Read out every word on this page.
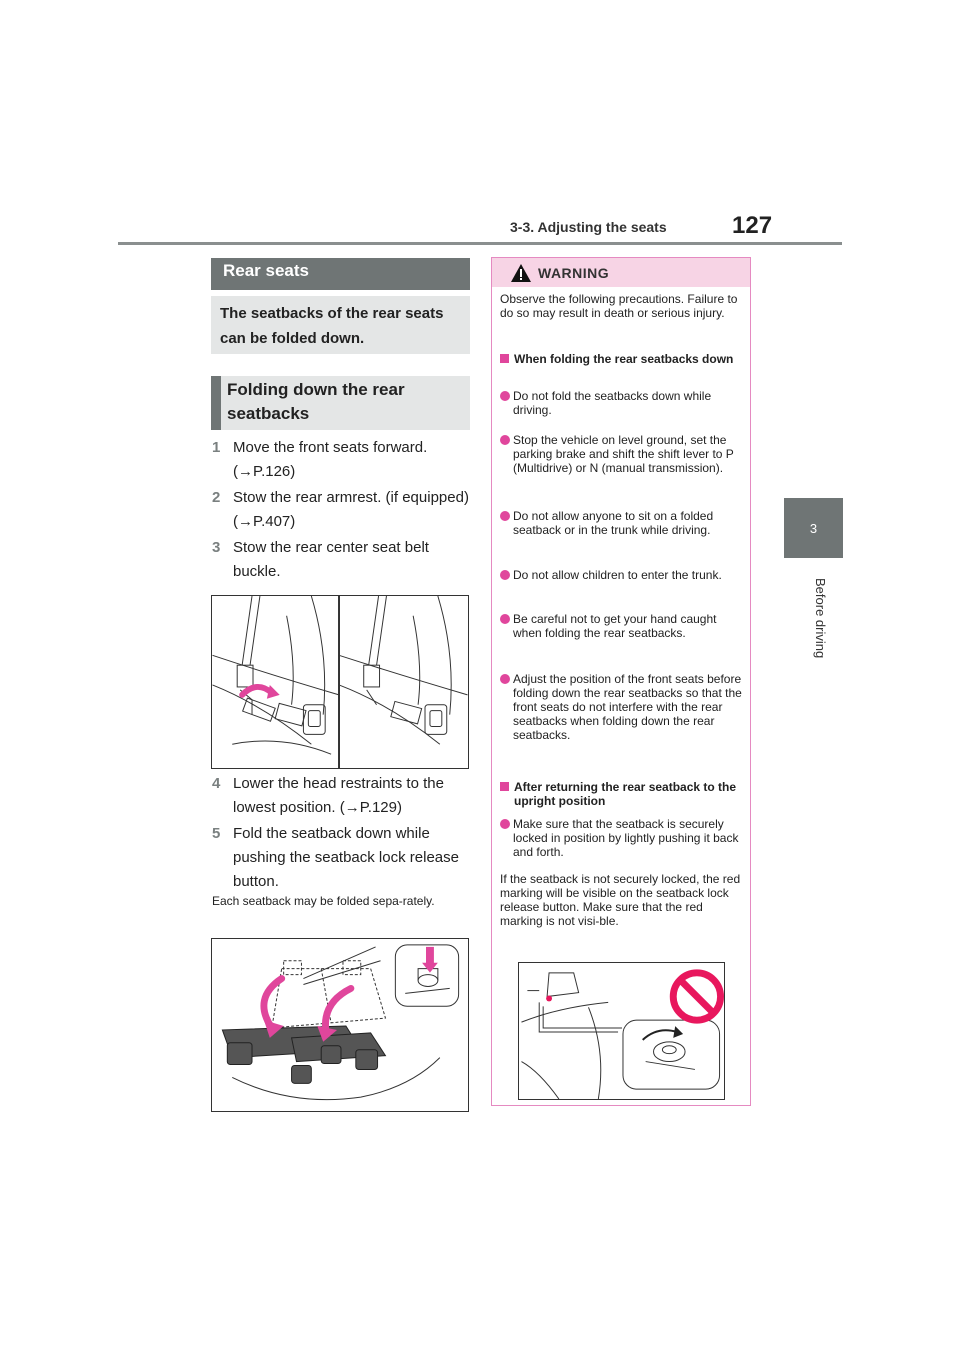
3-3. Adjusting the seats	127
3
Before driving
Rear seats
The seatbacks of the rear seats can be folded down.
Folding down the rear seatbacks
1 Move the front seats forward. (→P.126)
2 Stow the rear armrest. (if equipped) (→P.407)
3 Stow the rear center seat belt buckle.
4 Lower the head restraints to the lowest position. (→P.129)
5 Fold the seatback down while pushing the seatback lock release button.
Each seatback may be folded sepa-rately.
WARNING
Observe the following precautions. Failure to do so may result in death or serious injury.
When folding the rear seatbacks down
Do not fold the seatbacks down while driving.
Stop the vehicle on level ground, set the parking brake and shift the shift lever to P (Multidrive) or N (manual transmission).
Do not allow anyone to sit on a folded seatback or in the trunk while driving.
Do not allow children to enter the trunk.
Be careful not to get your hand caught when folding the rear seatbacks.
Adjust the position of the front seats before folding down the rear seatbacks so that the front seats do not interfere with the rear seatbacks when folding down the rear seatbacks.
After returning the rear seatback to the upright position
Make sure that the seatback is securely locked in position by lightly pushing it back and forth.
If the seatback is not securely locked, the red marking will be visible on the seatback lock release button. Make sure that the red marking is not visi-ble.
